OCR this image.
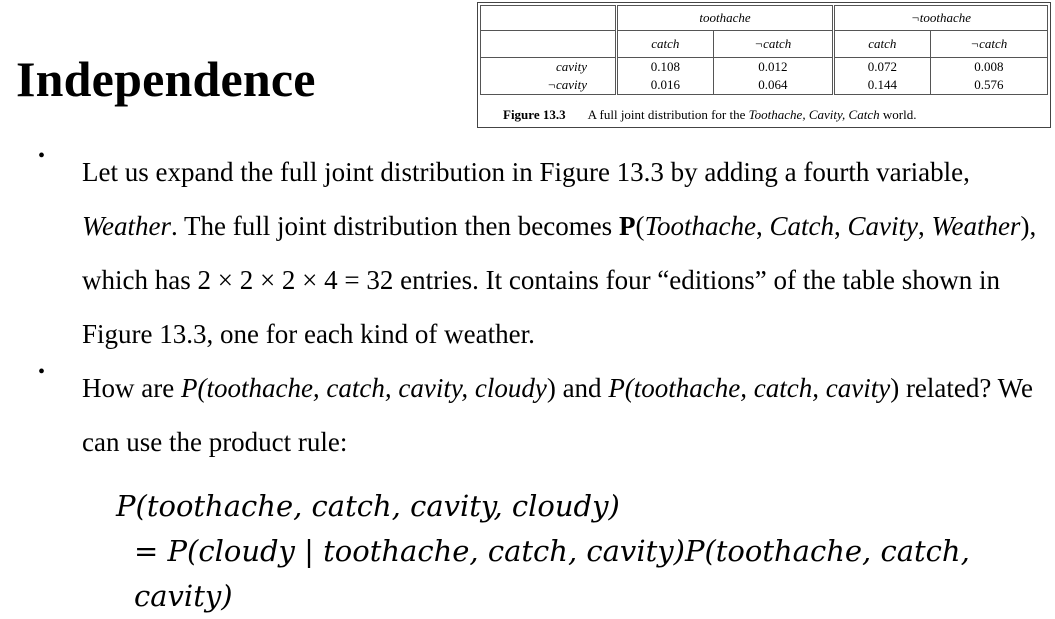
Independence
	toothache		¬toothache	
	catch	¬catch	catch	¬catch
cavity	0.108	0.012	0.072	0.008
¬cavity	0.016	0.064	0.144	0.576
Figure 13.3 A full joint distribution for the Toothache, Cavity, Catch world.
•

Let us expand the full joint distribution in Figure 13.3 by adding a fourth variable, Weather. The full joint distribution then becomes P(Toothache, Catch, Cavity, Weather), which has 2 × 2 × 2 × 4 = 32 entries. It contains four “editions” of the table shown in Figure 13.3, one for each kind of weather.

•

How are P(toothache, catch, cavity, cloudy) and P(toothache, catch, cavity) related? We can use the product rule:

P(toothache, catch, cavity, cloudy)
= P(cloudy | toothache, catch, cavity)P(toothache, catch, cavity)
